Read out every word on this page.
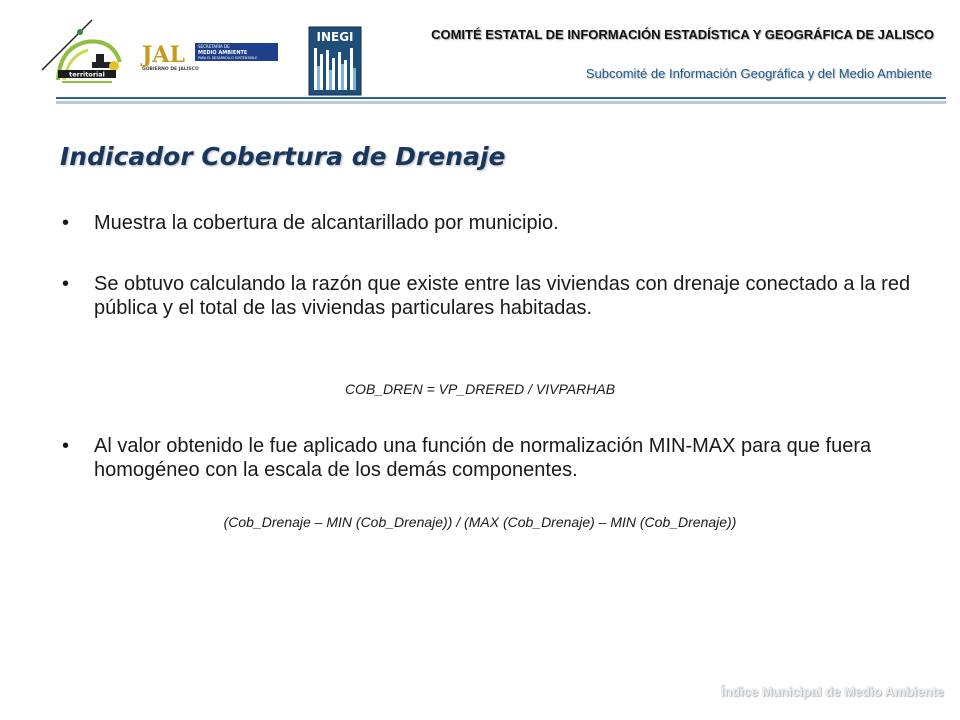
territorial
JAL	SECRETARÍA DE
MEDIO AMBIENTE
PARA EL DESARROLLO SUSTENTABLE
GOBIERNO DE JALISCO
INEGI	COMITÉ ESTATAL DE INFORMACIÓN ESTADÍSTICA Y GEOGRÁFICA DE JALISCO
Subcomité de Información Geográfica y del Medio Ambiente
Indicador Cobertura de Drenaje
• Muestra la cobertura de alcantarillado por municipio.
• Se obtuvo calculando la razón que existe entre las viviendas con drenaje conectado a la red pública y el total de las viviendas particulares habitadas.
COB_DREN = VP_DRERED / VIVPARHAB
• Al valor obtenido le fue aplicado una función de normalización MIN-MAX para que fuera homogéneo con la escala de los demás componentes.
(Cob_Drenaje – MIN (Cob_Drenaje)) / (MAX (Cob_Drenaje) – MIN (Cob_Drenaje))
Índice Municipal de Medio Ambiente
